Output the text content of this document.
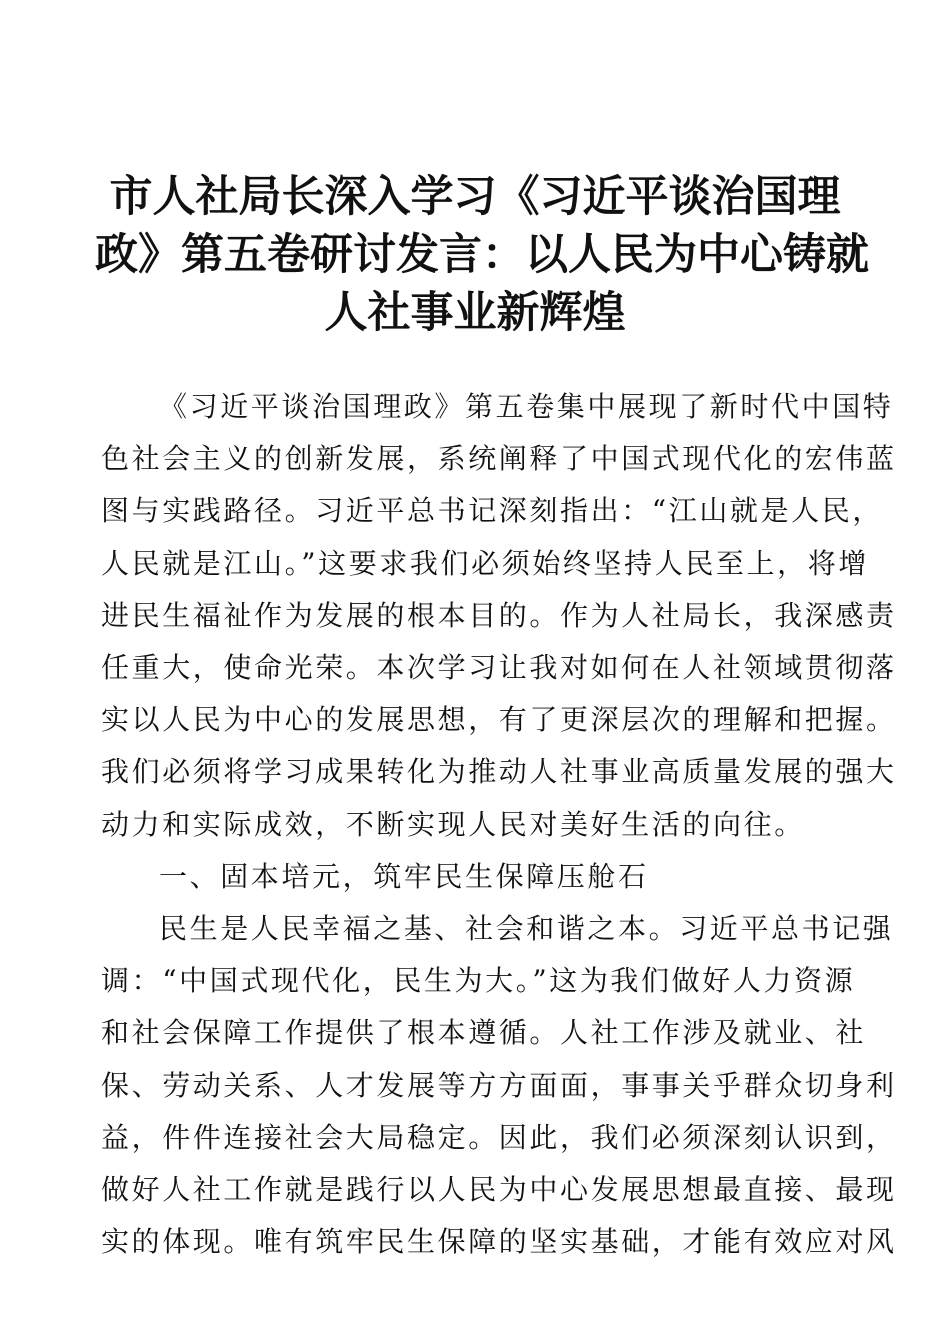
市人社局长深入学习《习近平谈治国理
政》第五卷研讨发言：以人民为中心铸就
人社事业新辉煌
《习近平谈治国理政》第五卷集中展现了新时代中国特
色社会主义的创新发展，系统阐释了中国式现代化的宏伟蓝
图与实践路径。习近平总书记深刻指出：“江山就是人民，
人民就是江山。”这要求我们必须始终坚持人民至上，将增
进民生福祉作为发展的根本目的。作为人社局长，我深感责
任重大，使命光荣。本次学习让我对如何在人社领域贯彻落
实以人民为中心的发展思想，有了更深层次的理解和把握。
我们必须将学习成果转化为推动人社事业高质量发展的强大
动力和实际成效，不断实现人民对美好生活的向往。
一、固本培元，筑牢民生保障压舱石
民生是人民幸福之基、社会和谐之本。习近平总书记强
调：“中国式现代化，民生为大。”这为我们做好人力资源
和社会保障工作提供了根本遵循。人社工作涉及就业、社
保、劳动关系、人才发展等方方面面，事事关乎群众切身利
益，件件连接社会大局稳定。因此，我们必须深刻认识到，
做好人社工作就是践行以人民为中心发展思想最直接、最现
实的体现。唯有筑牢民生保障的坚实基础，才能有效应对风
